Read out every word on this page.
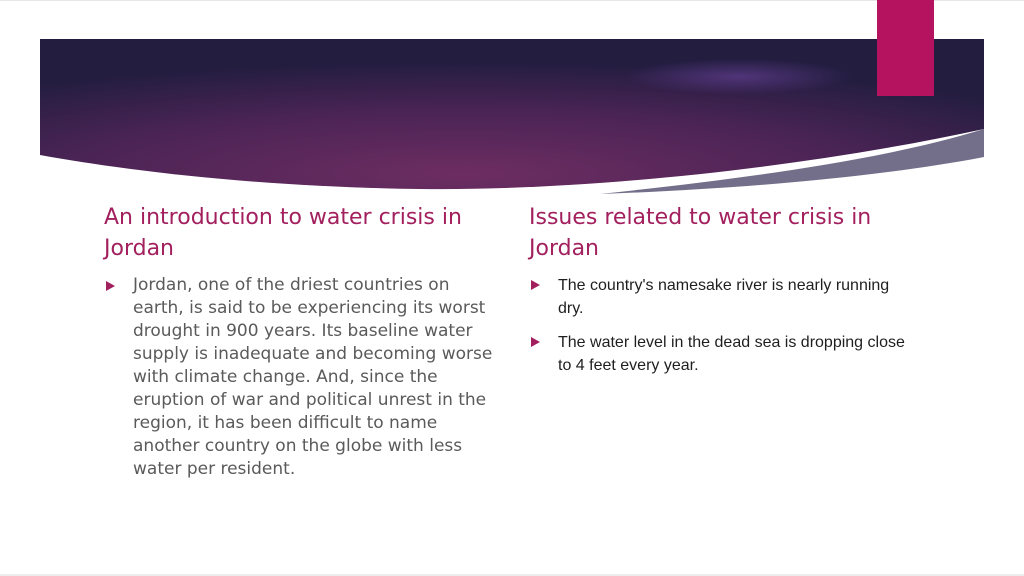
An introduction to water crisis in Jordan
Jordan, one of the driest countries on earth, is said to be experiencing its worst drought in 900 years. Its baseline water supply is inadequate and becoming worse with climate change. And, since the eruption of war and political unrest in the region, it has been difficult to name another country on the globe with less water per resident.
Issues related to water crisis in Jordan
The country's namesake river is nearly running dry.
The water level in the dead sea is dropping close to 4 feet every year.
